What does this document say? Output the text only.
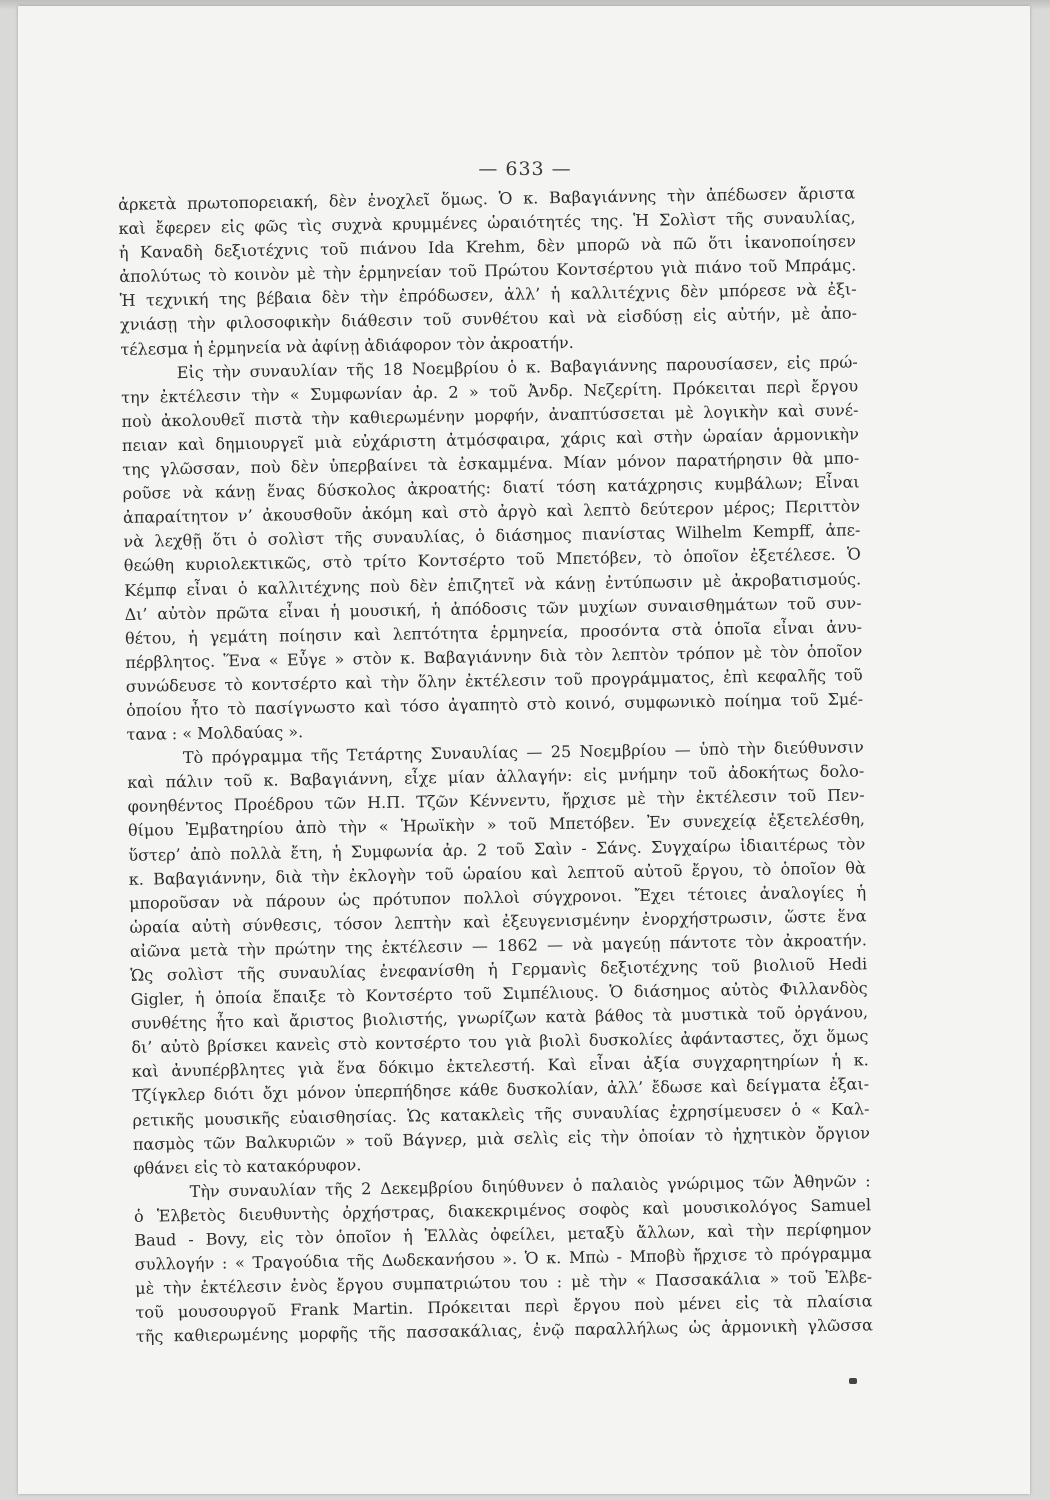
— 633 —
ἀρκετὰ πρωτοπορειακή, δὲν ἐνοχλεῖ ὅμως. Ὁ κ. Βαβαγιάννης τὴν ἀπέδωσεν ἄριστα
καὶ ἔφερεν εἰς φῶς τὶς συχνὰ κρυμμένες ὡραιότητές της. Ἡ Σολὶστ τῆς συναυλίας,
ἡ Καναδὴ δεξιοτέχνις τοῦ πιάνου Ida Krehm, δὲν μπορῶ νὰ πῶ ὅτι ἱκανοποίησεν
ἀπολύτως τὸ κοινὸν μὲ τὴν ἑρμηνείαν τοῦ Πρώτου Κοντσέρτου γιὰ πιάνο τοῦ Μπράμς.
Ἡ τεχνική της βέβαια δὲν τὴν ἐπρόδωσεν, ἀλλ’ ἡ καλλιτέχνις δὲν μπόρεσε νὰ ἐξι-
χνιάσῃ τὴν φιλοσοφικὴν διάθεσιν τοῦ συνθέτου καὶ νὰ εἰσδύσῃ εἰς αὐτήν, μὲ ἀπο-
τέλεσμα ἡ ἑρμηνεία νὰ ἀφίνῃ ἀδιάφορον τὸν ἀκροατήν.
Εἰς τὴν συναυλίαν τῆς 18 Νοεμβρίου ὁ κ. Βαβαγιάννης παρουσίασεν, εἰς πρώ-
την ἐκτέλεσιν τὴν « Συμφωνίαν ἀρ. 2 » τοῦ Ἀνδρ. Νεζερίτη. Πρόκειται περὶ ἔργου
ποὺ ἀκολουθεῖ πιστὰ τὴν καθιερωμένην μορφήν, ἀναπτύσσεται μὲ λογικὴν καὶ συνέ-
πειαν καὶ δημιουργεῖ μιὰ εὐχάριστη ἀτμόσφαιρα, χάρις καὶ στὴν ὡραίαν ἁρμονικὴν
της γλῶσσαν, ποὺ δὲν ὑπερβαίνει τὰ ἐσκαμμένα. Μίαν μόνον παρατήρησιν θὰ μπο-
ροῦσε νὰ κάνῃ ἕνας δύσκολος ἀκροατής: διατί τόση κατάχρησις κυμβάλων; Εἶναι
ἀπαραίτητον ν’ ἀκουσθοῦν ἀκόμη καὶ στὸ ἀργὸ καὶ λεπτὸ δεύτερον μέρος; Περιττὸν
νὰ λεχθῇ ὅτι ὁ σολὶστ τῆς συναυλίας, ὁ διάσημος πιανίστας Wilhelm Kempff, ἀπε-
θεώθη κυριολεκτικῶς, στὸ τρίτο Κοντσέρτο τοῦ Μπετόβεν, τὸ ὁποῖον ἐξετέλεσε. Ὁ
Κέμπφ εἶναι ὁ καλλιτέχνης ποὺ δὲν ἐπιζητεῖ νὰ κάνῃ ἐντύπωσιν μὲ ἀκροβατισμούς.
Δι’ αὐτὸν πρῶτα εἶναι ἡ μουσική, ἡ ἀπόδοσις τῶν μυχίων συναισθημάτων τοῦ συν-
θέτου, ἡ γεμάτη ποίησιν καὶ λεπτότητα ἑρμηνεία, προσόντα στὰ ὁποῖα εἶναι ἀνυ-
πέρβλητος. Ἕνα « Εὖγε » στὸν κ. Βαβαγιάννην διὰ τὸν λεπτὸν τρόπον μὲ τὸν ὁποῖον
συνώδευσε τὸ κοντσέρτο καὶ τὴν ὅλην ἐκτέλεσιν τοῦ προγράμματος, ἐπὶ κεφαλῆς τοῦ
ὁποίου ἦτο τὸ πασίγνωστο καὶ τόσο ἀγαπητὸ στὸ κοινό, συμφωνικὸ ποίημα τοῦ Σμέ-
τανα : « Μολδαύας ».
Τὸ πρόγραμμα τῆς Τετάρτης Συναυλίας — 25 Νοεμβρίου — ὑπὸ τὴν διεύθυνσιν
καὶ πάλιν τοῦ κ. Βαβαγιάννη, εἶχε μίαν ἀλλαγήν: εἰς μνήμην τοῦ ἀδοκήτως δολο-
φονηθέντος Προέδρου τῶν Η.Π. Τζῶν Κέννεντυ, ἤρχισε μὲ τὴν ἐκτέλεσιν τοῦ Πεν-
θίμου Ἐμβατηρίου ἀπὸ τὴν « Ἡρωϊκὴν » τοῦ Μπετόβεν. Ἐν συνεχείᾳ ἐξετελέσθη,
ὕστερ’ ἀπὸ πολλὰ ἔτη, ἡ Συμφωνία ἀρ. 2 τοῦ Σαὶν - Σάνς. Συγχαίρω ἰδιαιτέρως τὸν
κ. Βαβαγιάννην, διὰ τὴν ἐκλογὴν τοῦ ὡραίου καὶ λεπτοῦ αὐτοῦ ἔργου, τὸ ὁποῖον θὰ
μποροῦσαν νὰ πάρουν ὡς πρότυπον πολλοὶ σύγχρονοι. Ἔχει τέτοιες ἀναλογίες ἡ
ὡραία αὐτὴ σύνθεσις, τόσον λεπτὴν καὶ ἐξευγενισμένην ἐνορχήστρωσιν, ὥστε ἕνα
αἰῶνα μετὰ τὴν πρώτην της ἐκτέλεσιν — 1862 — νὰ μαγεύῃ πάντοτε τὸν ἀκροατήν.
Ὡς σολὶστ τῆς συναυλίας ἐνεφανίσθη ἡ Γερμανὶς δεξιοτέχνης τοῦ βιολιοῦ Hedi
Gigler, ἡ ὁποία ἔπαιξε τὸ Κοντσέρτο τοῦ Σιμπέλιους. Ὁ διάσημος αὐτὸς Φιλλανδὸς
συνθέτης ἦτο καὶ ἄριστος βιολιστής, γνωρίζων κατὰ βάθος τὰ μυστικὰ τοῦ ὀργάνου,
δι’ αὐτὸ βρίσκει κανεὶς στὸ κοντσέρτο του γιὰ βιολὶ δυσκολίες ἀφάνταστες, ὄχι ὅμως
καὶ ἀνυπέρβλητες γιὰ ἕνα δόκιμο ἐκτελεστή. Καὶ εἶναι ἀξία συγχαρητηρίων ἡ κ.
Τζίγκλερ διότι ὄχι μόνον ὑπερπήδησε κάθε δυσκολίαν, ἀλλ’ ἔδωσε καὶ δείγματα ἐξαι-
ρετικῆς μουσικῆς εὐαισθησίας. Ὡς κατακλεὶς τῆς συναυλίας ἐχρησίμευσεν ὁ « Καλ-
πασμὸς τῶν Βαλκυριῶν » τοῦ Βάγνερ, μιὰ σελὶς εἰς τὴν ὁποίαν τὸ ἠχητικὸν ὄργιον
φθάνει εἰς τὸ κατακόρυφον.
Τὴν συναυλίαν τῆς 2 Δεκεμβρίου διηύθυνεν ὁ παλαιὸς γνώριμος τῶν Ἀθηνῶν :
ὁ Ἑλβετὸς διευθυντὴς ὀρχήστρας, διακεκριμένος σοφὸς καὶ μουσικολόγος Samuel
Baud - Bovy, εἰς τὸν ὁποῖον ἡ Ἑλλὰς ὀφείλει, μεταξὺ ἄλλων, καὶ τὴν περίφημον
συλλογήν : « Τραγούδια τῆς Δωδεκανήσου ». Ὁ κ. Μπὼ - Μποβὺ ἤρχισε τὸ πρόγραμμα
μὲ τὴν ἐκτέλεσιν ἑνὸς ἔργου συμπατριώτου του : μὲ τὴν « Πασσακάλια » τοῦ Ἑλβε-
τοῦ μουσουργοῦ Frank Martin. Πρόκειται περὶ ἔργου ποὺ μένει εἰς τὰ πλαίσια
τῆς καθιερωμένης μορφῆς τῆς πασσακάλιας, ἐνῷ παραλλήλως ὡς ἁρμονικὴ γλῶσσα
